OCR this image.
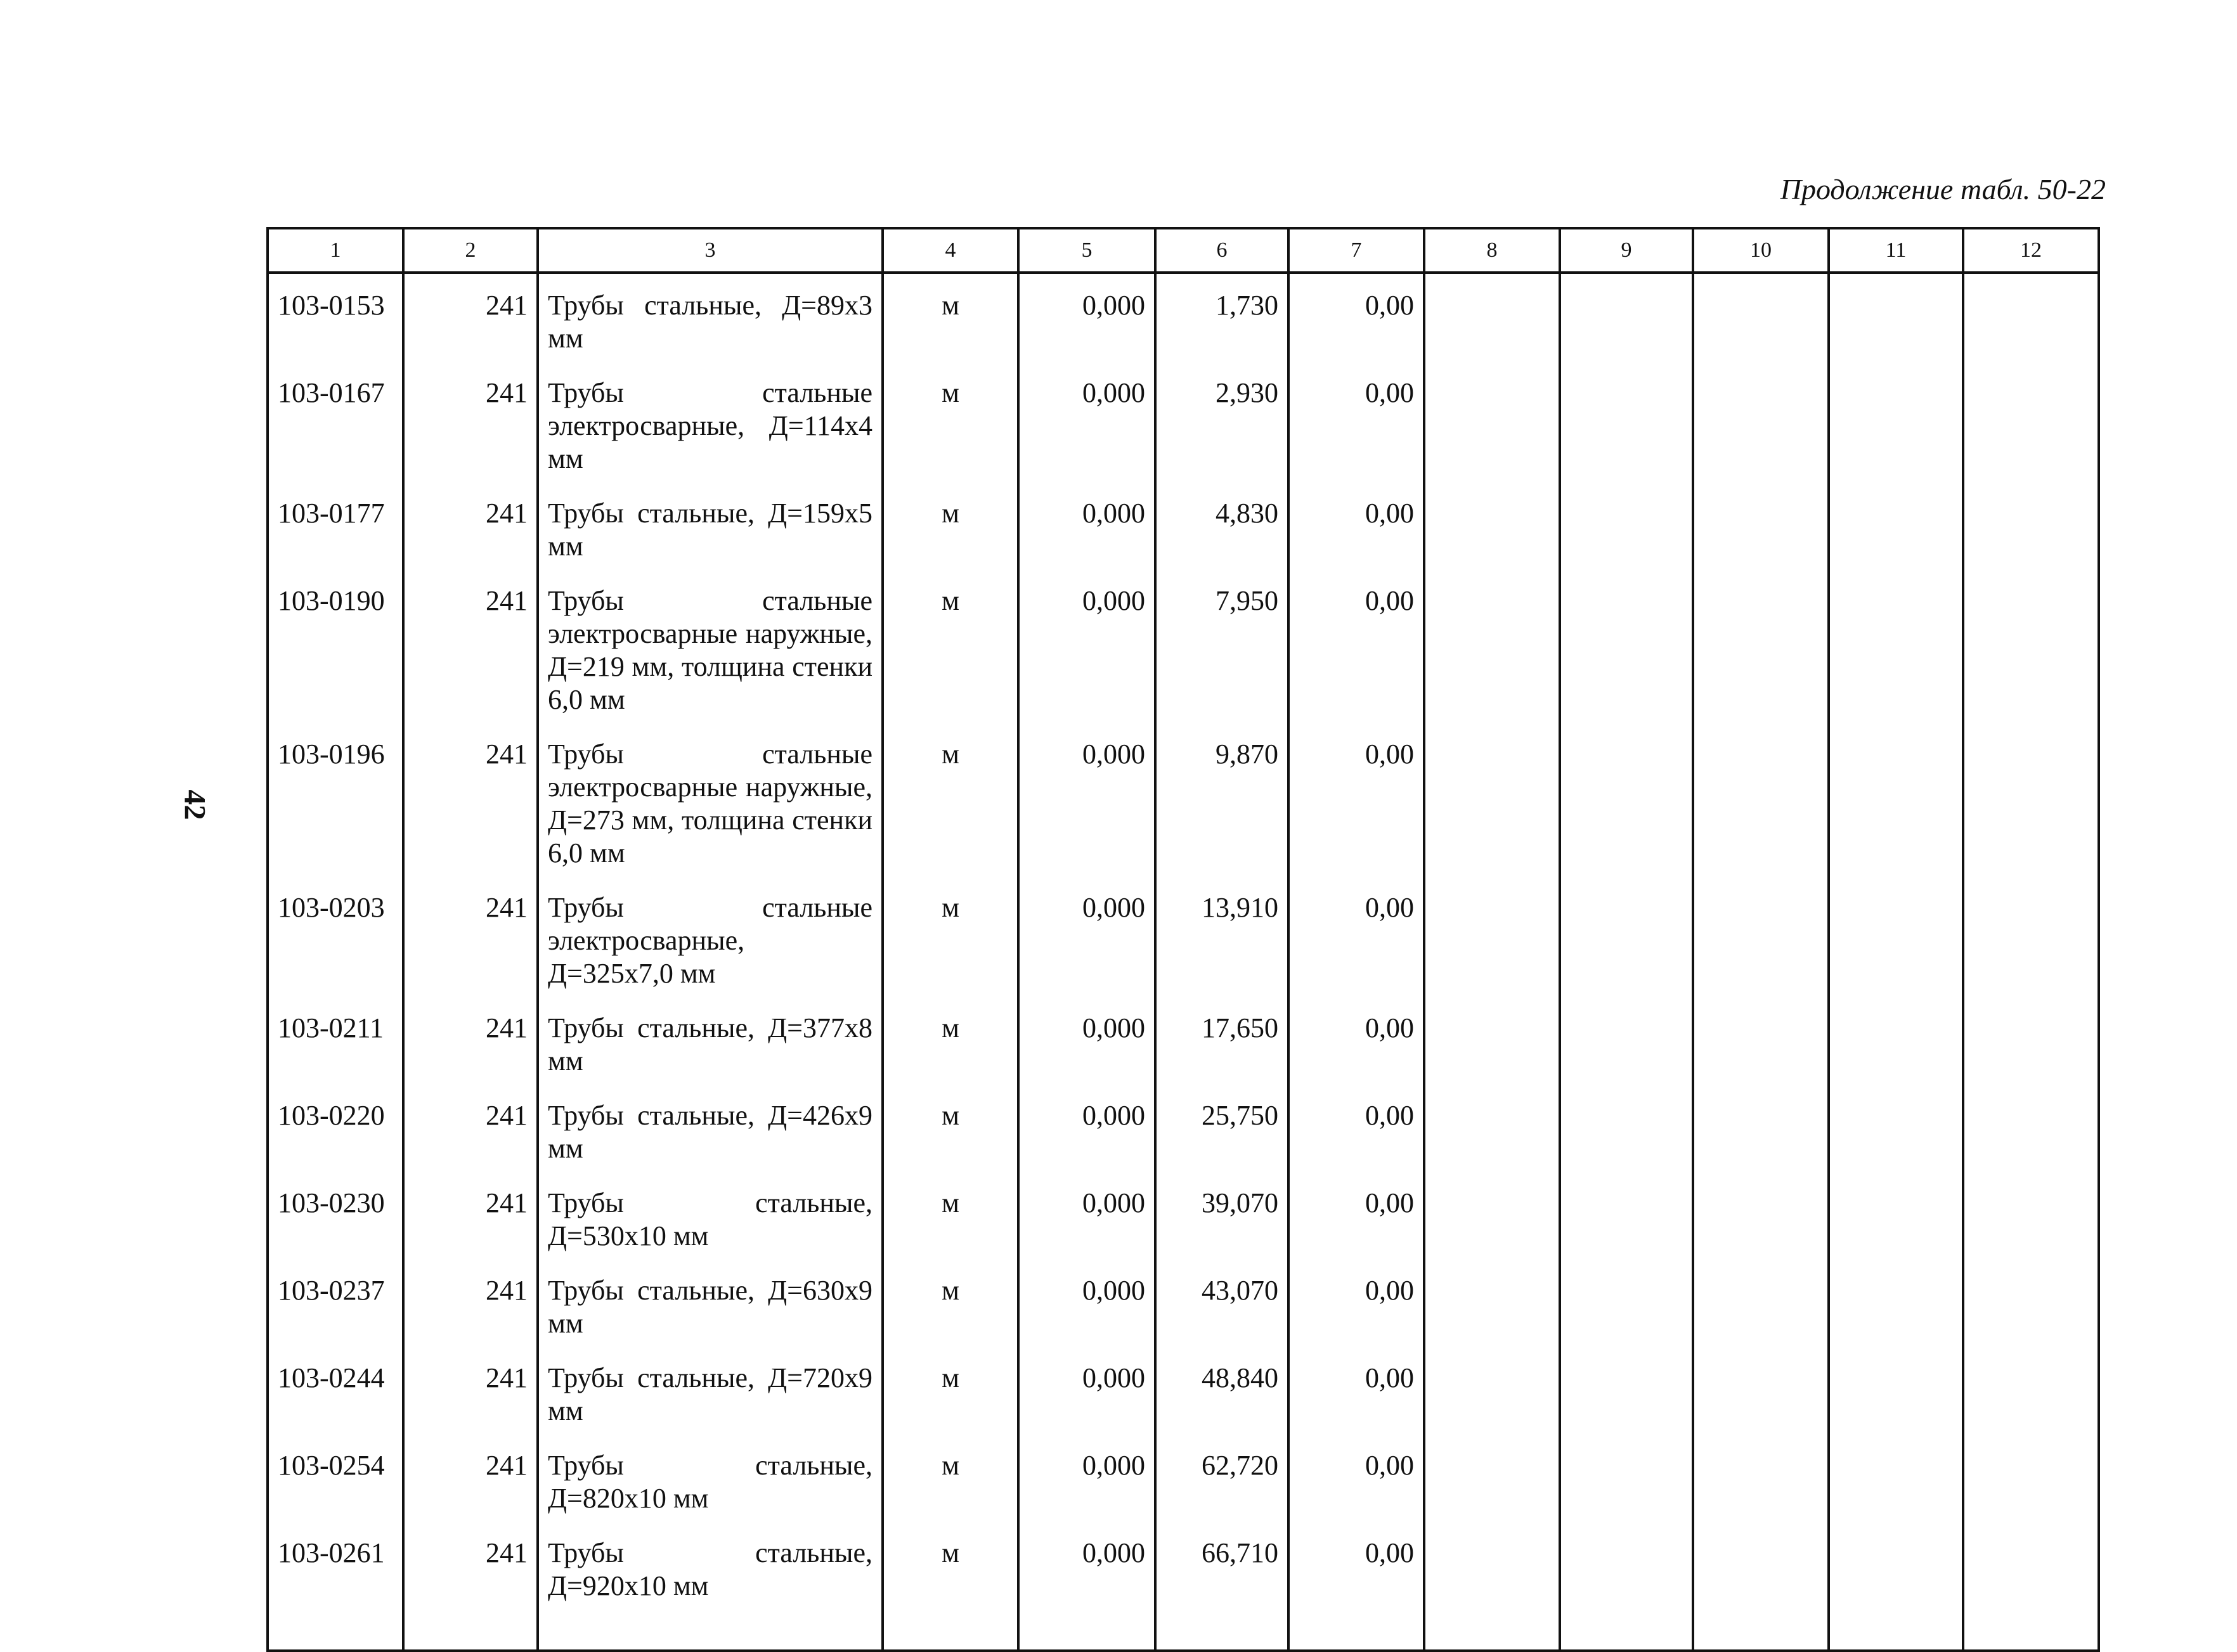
Продолжение табл. 50-22
42
1	2	3	4	5	6	7	8	9	10	11	12
103-0153	241	Трубы стальные, Д=89х3 мм	м	0,000	1,730	0,00					
103-0167	241	Трубы стальные электросварные, Д=114х4 мм	м	0,000	2,930	0,00					
103-0177	241	Трубы стальные, Д=159х5 мм	м	0,000	4,830	0,00					
103-0190	241	Трубы стальные электросварные наружные, Д=219 мм, толщина стенки 6,0 мм	м	0,000	7,950	0,00					
103-0196	241	Трубы стальные электросварные наружные, Д=273 мм, толщина стенки 6,0 мм	м	0,000	9,870	0,00					
103-0203	241	Трубы стальные электросварные, Д=325х7,0 мм	м	0,000	13,910	0,00					
103-0211	241	Трубы стальные, Д=377х8 мм	м	0,000	17,650	0,00					
103-0220	241	Трубы стальные, Д=426х9 мм	м	0,000	25,750	0,00					
103-0230	241	Трубы стальные, Д=530х10 мм	м	0,000	39,070	0,00					
103-0237	241	Трубы стальные, Д=630х9 мм	м	0,000	43,070	0,00					
103-0244	241	Трубы стальные, Д=720х9 мм	м	0,000	48,840	0,00					
103-0254	241	Трубы стальные, Д=820х10 мм	м	0,000	62,720	0,00					
103-0261	241	Трубы стальные, Д=920х10 мм	м	0,000	66,710	0,00					
